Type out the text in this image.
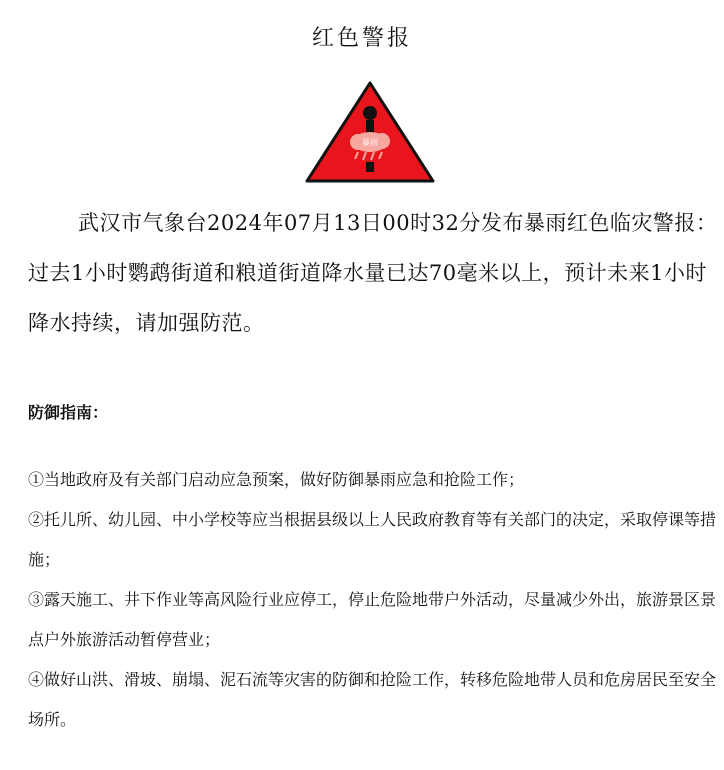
红色警报
暴雨

武汉市气象台2024年07月13日00时32分发布暴雨红色临灾警报：过去1小时鹦鹉街道和粮道街道降水量已达70毫米以上，预计未来1小时降水持续，请加强防范。

防御指南：
①当地政府及有关部门启动应急预案，做好防御暴雨应急和抢险工作；
②托儿所、幼儿园、中小学校等应当根据县级以上人民政府教育等有关部门的决定，采取停课等措施；
③露天施工、井下作业等高风险行业应停工，停止危险地带户外活动，尽量减少外出，旅游景区景点户外旅游活动暂停营业；
④做好山洪、滑坡、崩塌、泥石流等灾害的防御和抢险工作，转移危险地带人员和危房居民至安全场所。
